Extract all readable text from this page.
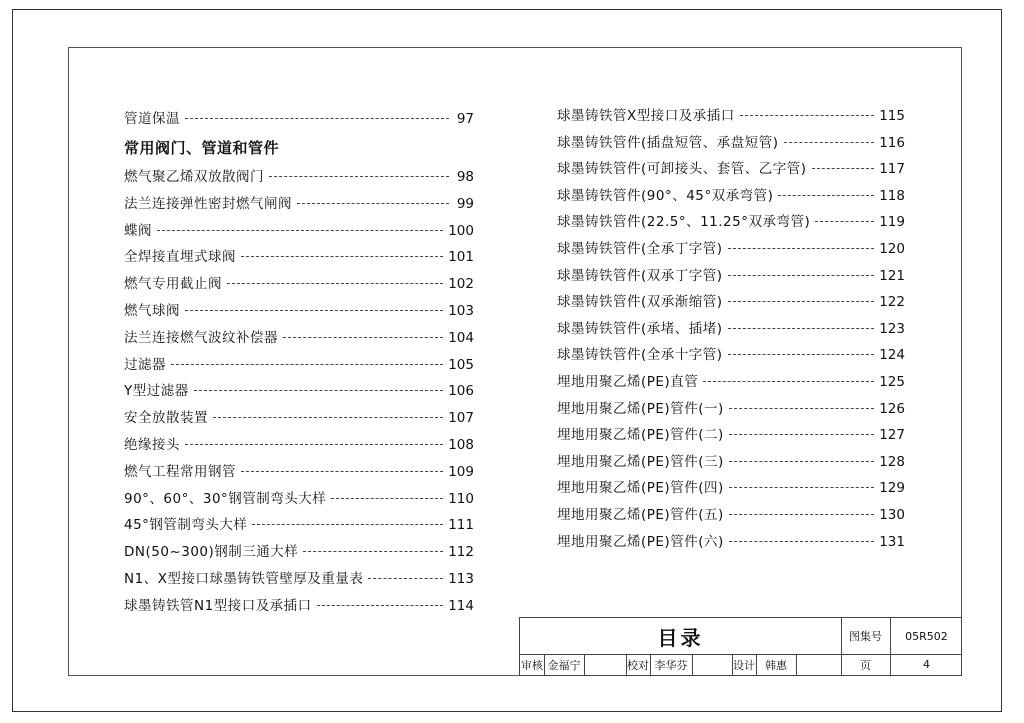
管道保温	97
燃气聚乙烯双放散阀门	98
法兰连接弹性密封燃气闸阀	99
蝶阀	100
全焊接直埋式球阀	101
燃气专用截止阀	102
燃气球阀	103
法兰连接燃气波纹补偿器	104
过滤器	105
Y型过滤器	106
安全放散装置	107
绝缘接头	108
燃气工程常用钢管	109
90°、60°、30°钢管制弯头大样	110
45°钢管制弯头大样	111
DN(50~300)钢制三通大样	112
N1、X型接口球墨铸铁管壁厚及重量表	113
球墨铸铁管N1型接口及承插口	114
球墨铸铁管X型接口及承插口	115
球墨铸铁管件(插盘短管、承盘短管)	116
球墨铸铁管件(可卸接头、套管、乙字管)	117
球墨铸铁管件(90°、45°双承弯管)	118
球墨铸铁管件(22.5°、11.25°双承弯管)	119
球墨铸铁管件(全承丁字管)	120
球墨铸铁管件(双承丁字管)	121
球墨铸铁管件(双承渐缩管)	122
球墨铸铁管件(承堵、插堵)	123
球墨铸铁管件(全承十字管)	124
埋地用聚乙烯(PE)直管	125
埋地用聚乙烯(PE)管件(一)	126
埋地用聚乙烯(PE)管件(二)	127
埋地用聚乙烯(PE)管件(三)	128
埋地用聚乙烯(PE)管件(四)	129
埋地用聚乙烯(PE)管件(五)	130
埋地用聚乙烯(PE)管件(六)	131
常用阀门、管道和管件
目录	图集号	05R502
审核 金福宁	校对 李华芬	设计 韩惠	页	4
